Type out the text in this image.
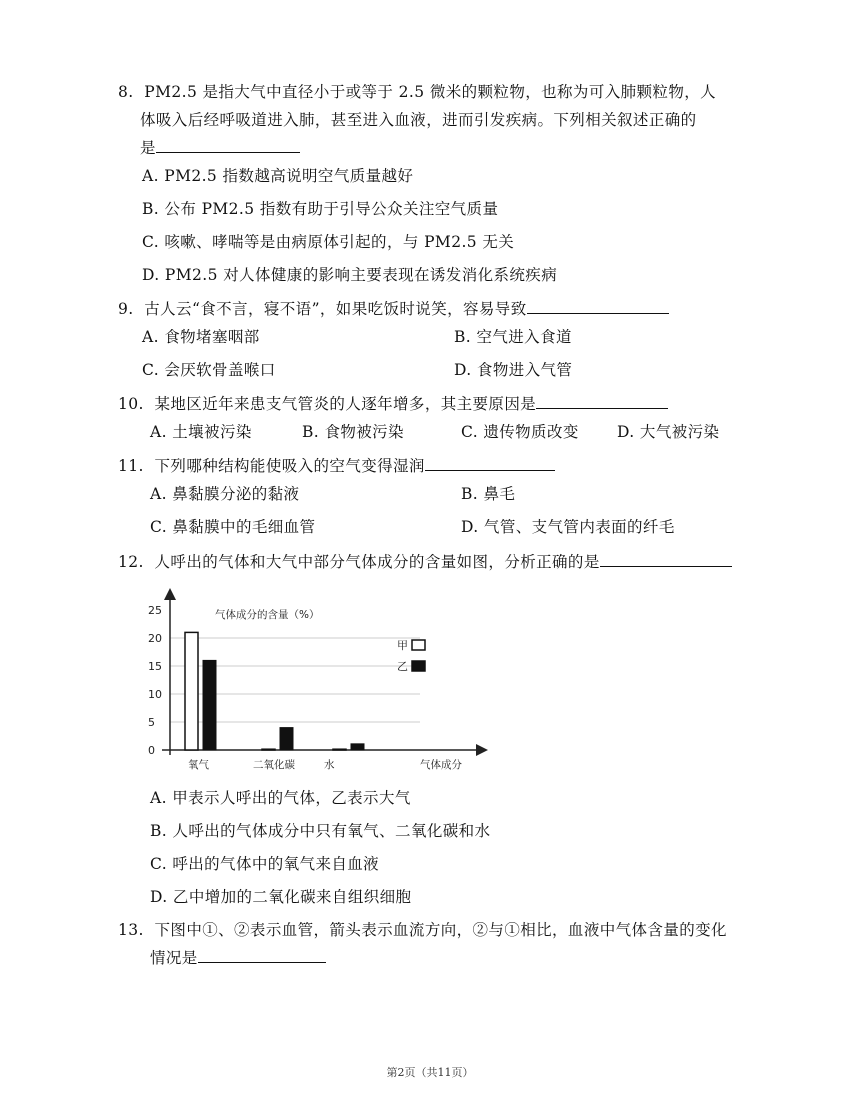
8. PM2.5 是指大气中直径小于或等于 2.5 微米的颗粒物，也称为可入肺颗粒物，人
体吸入后经呼吸道进入肺，甚至进入血液，进而引发疾病。下列相关叙述正确的
是
A. PM2.5 指数越高说明空气质量越好
B. 公布 PM2.5 指数有助于引导公众关注空气质量
C. 咳嗽、哮喘等是由病原体引起的，与 PM2.5 无关
D. PM2.5 对人体健康的影响主要表现在诱发消化系统疾病
9. 古人云“食不言，寝不语”，如果吃饭时说笑，容易导致
A. 食物堵塞咽部	B. 空气进入食道
C. 会厌软骨盖喉口	D. 食物进入气管
10. 某地区近年来患支气管炎的人逐年增多，其主要原因是
A. 土壤被污染	B. 食物被污染	C. 遗传物质改变 D. 大气被污染
11. 下列哪种结构能使吸入的空气变得湿润
A. 鼻黏膜分泌的黏液	B. 鼻毛
C. 鼻黏膜中的毛细血管	D. 气管、支气管内表面的纤毛
12. 人呼出的气体和大气中部分气体成分的含量如图，分析正确的是
0
5
10
15
20
25
氧气	二氧化碳	水
气体成分的含量（%）
气体成分
甲
乙
A. 甲表示人呼出的气体，乙表示大气
B. 人呼出的气体成分中只有氧气、二氧化碳和水
C. 呼出的气体中的氧气来自血液
D. 乙中增加的二氧化碳来自组织细胞
13. 下图中①、②表示血管，箭头表示血流方向，②与①相比，血液中气体含量的变化
情况是
第2页（共11页）
